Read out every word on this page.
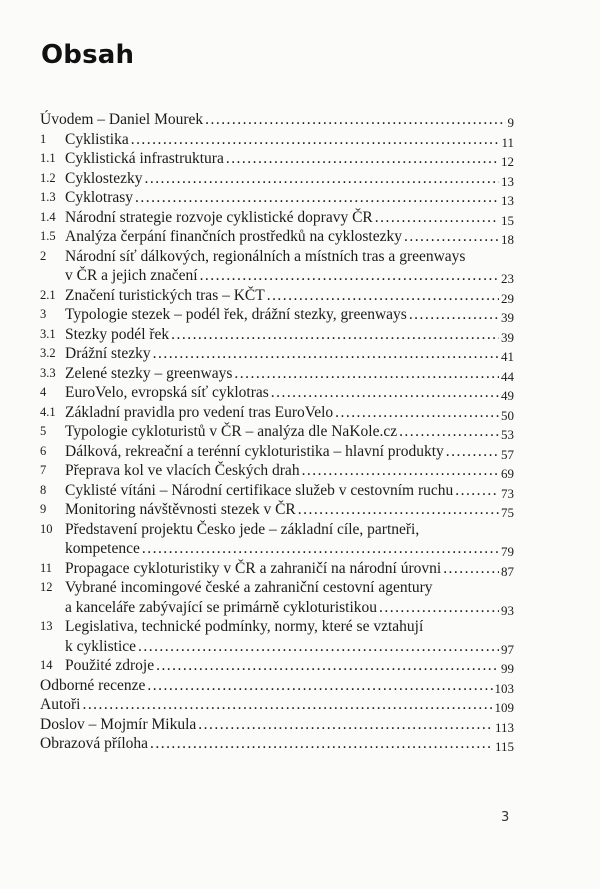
Obsah
Úvodem – Daniel Mourek . . .	9
1 Cyklistika . . .	11
1.1 Cyklistická infrastruktura . . .	12
1.2 Cyklostezky . . .	13
1.3 Cyklotrasy . . .	13
1.4 Národní strategie rozvoje cyklistické dopravy ČR . . .	15
1.5 Analýza čerpání finančních prostředků na cyklostezky . . .	18
2 Národní síť dálkových, regionálních a místních tras a greenways
v ČR a jejich značení . . .	23
2.1 Značení turistických tras – KČT . . .	29
3 Typologie stezek – podél řek, drážní stezky, greenways . . .	39
3.1 Stezky podél řek . . .	39
3.2 Drážní stezky . . .	41
3.3 Zelené stezky – greenways . . .	44
4 EuroVelo, evropská síť cyklotras . . .	49
4.1 Základní pravidla pro vedení tras EuroVelo . . .	50
5 Typologie cykloturistů v ČR – analýza dle NaKole.cz . . .	53
6 Dálková, rekreační a terénní cykloturistika – hlavní produkty . . .	57
7 Přeprava kol ve vlacích Českých drah . . .	69
8 Cyklisté vítáni – Národní certifikace služeb v cestovním ruchu . . .	73
9 Monitoring návštěvnosti stezek v ČR . . .	75
10 Představení projektu Česko jede – základní cíle, partneři,
kompetence . . .	79
11 Propagace cykloturistiky v ČR a zahraničí na národní úrovni . . .	87
12 Vybrané incomingové české a zahraniční cestovní agentury
a kanceláře zabývající se primárně cykloturistikou . . .	93
13 Legislativa, technické podmínky, normy, které se vztahují
k cyklistice . . .	97
14 Použité zdroje . . .	99
Odborné recenze . . .	103
Autoři . . .	109
Doslov – Mojmír Mikula . . .	113
Obrazová příloha . . .	115
3
